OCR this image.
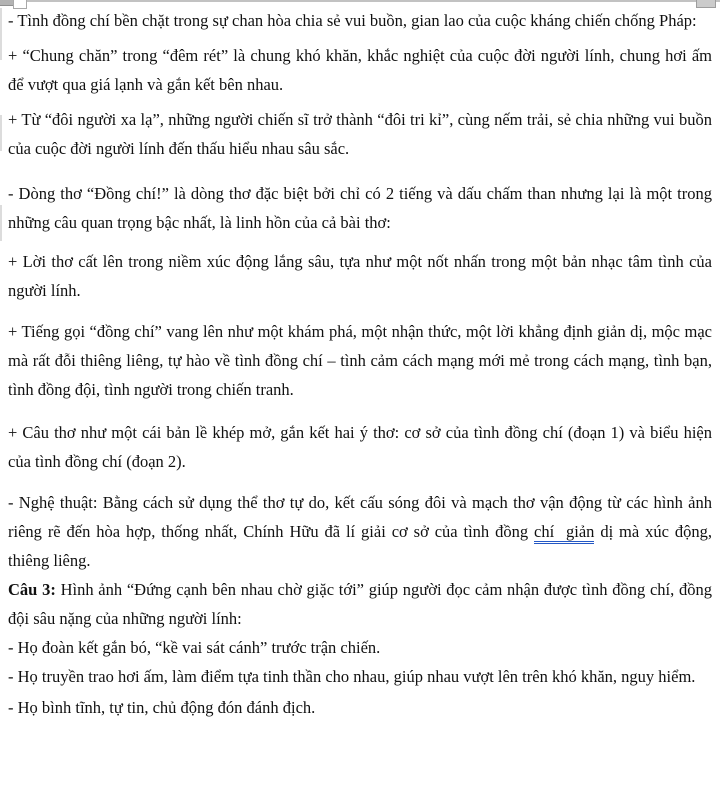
- Tình đồng chí bền chặt trong sự chan hòa chia sẻ vui buồn, gian lao của cuộc kháng chiến chống Pháp:

+ “Chung chăn” trong “đêm rét” là chung khó khăn, khắc nghiệt của cuộc đời người lính, chung hơi ấm để vượt qua giá lạnh và gắn kết bên nhau.

+ Từ “đôi người xa lạ”, những người chiến sĩ trở thành “đôi tri kỉ”, cùng nếm trải, sẻ chia những vui buồn của cuộc đời người lính đến thấu hiểu nhau sâu sắc.

- Dòng thơ “Đồng chí!” là dòng thơ đặc biệt bởi chỉ có 2 tiếng và dấu chấm than nhưng lại là một trong những câu quan trọng bậc nhất, là linh hồn của cả bài thơ:

+ Lời thơ cất lên trong niềm xúc động lắng sâu, tựa như một nốt nhấn trong một bản nhạc tâm tình của người lính.

+ Tiếng gọi “đồng chí” vang lên như một khám phá, một nhận thức, một lời khẳng định giản dị, mộc mạc mà rất đỗi thiêng liêng, tự hào về tình đồng chí – tình cảm cách mạng mới mẻ trong cách mạng, tình bạn, tình đồng đội, tình người trong chiến tranh.

+ Câu thơ như một cái bản lề khép mở, gắn kết hai ý thơ: cơ sở của tình đồng chí (đoạn 1) và biểu hiện của tình đồng chí (đoạn 2).

- Nghệ thuật: Bằng cách sử dụng thể thơ tự do, kết cấu sóng đôi và mạch thơ vận động từ các hình ảnh riêng rẽ đến hòa hợp, thống nhất, Chính Hữu đã lí giải cơ sở của tình đồng chí  giản dị mà xúc động, thiêng liêng.

Câu 3: Hình ảnh “Đứng cạnh bên nhau chờ giặc tới” giúp người đọc cảm nhận được tình đồng chí, đồng đội sâu nặng của những người lính:

- Họ đoàn kết gắn bó, “kề vai sát cánh” trước trận chiến.

- Họ truyền trao hơi ấm, làm điểm tựa tinh thần cho nhau, giúp nhau vượt lên trên khó khăn, nguy hiểm.

- Họ bình tĩnh, tự tin, chủ động đón đánh địch.
